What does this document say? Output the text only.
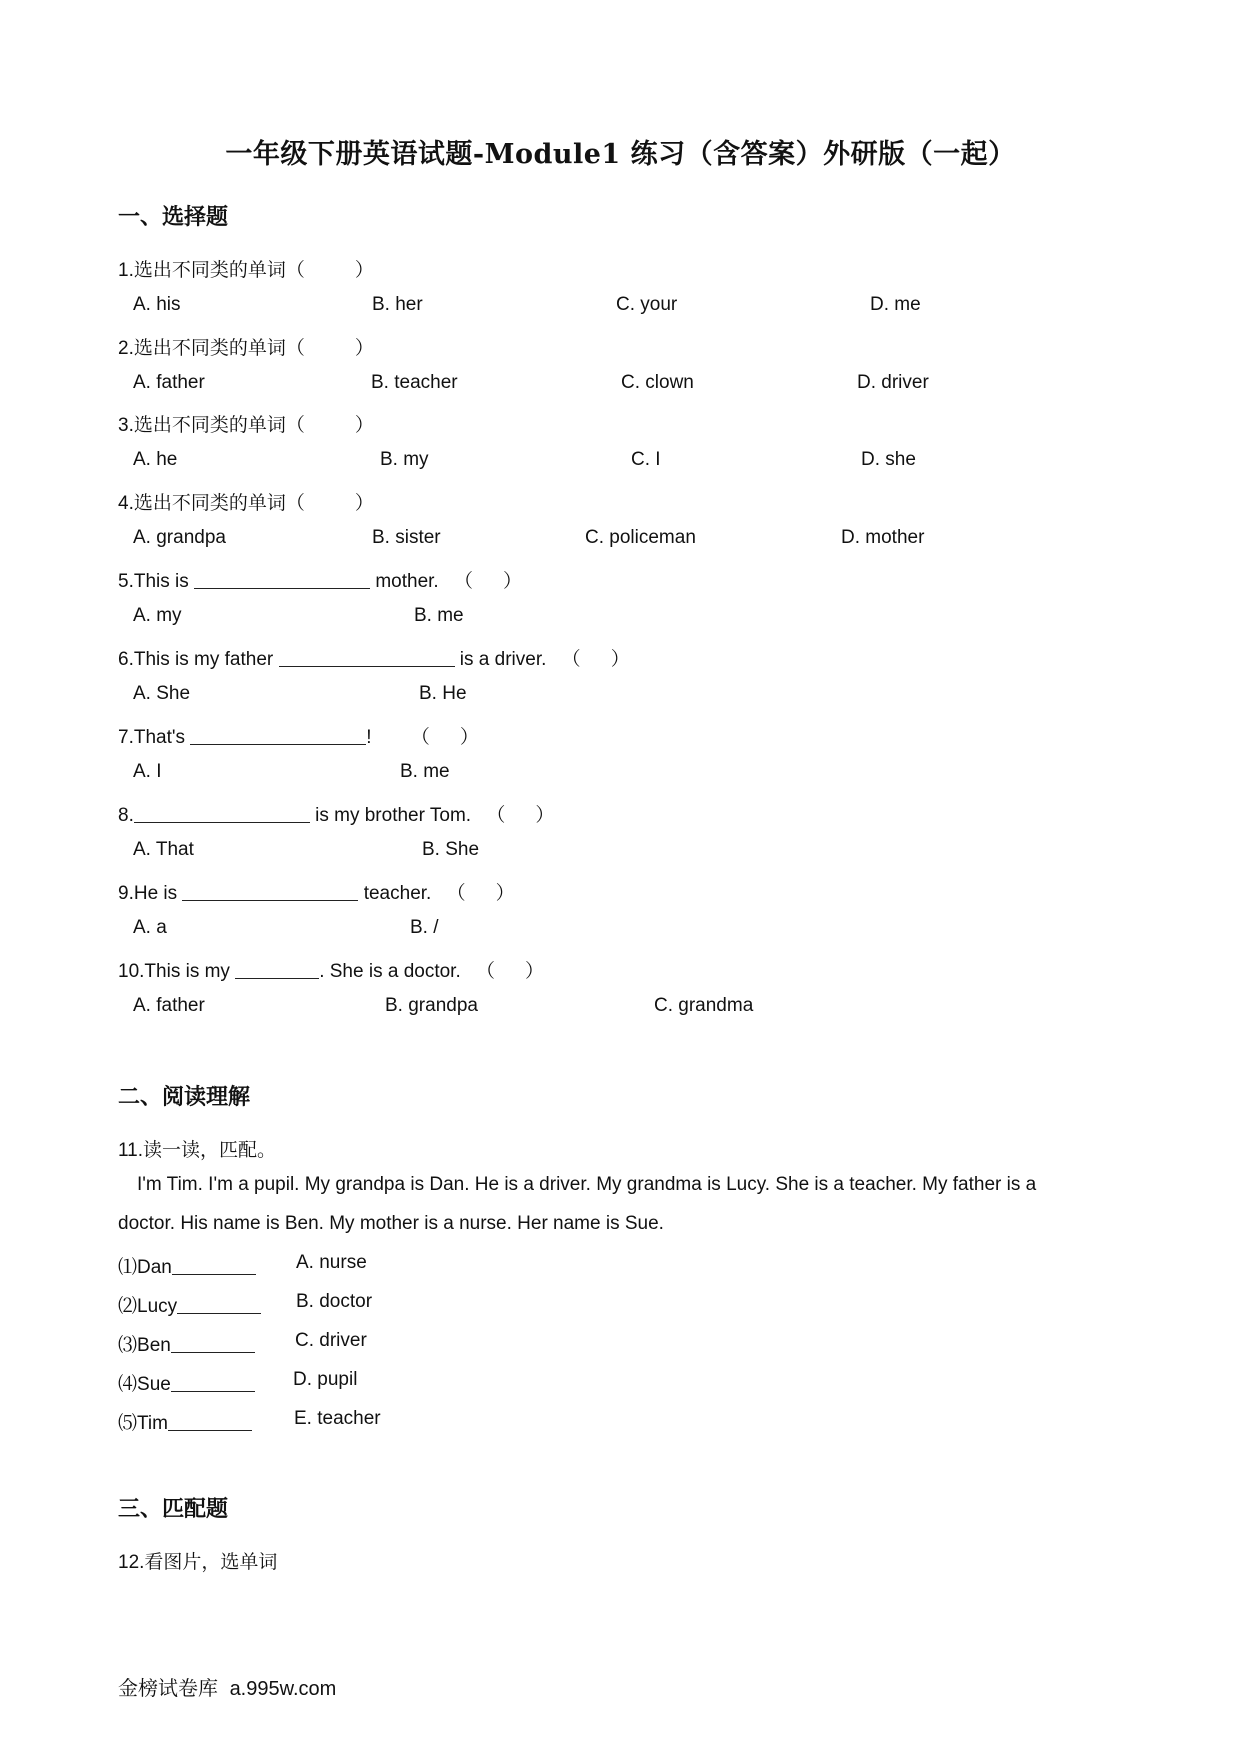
一年级下册英语试题-Module1 练习（含答案）外研版（一起）
一、选择题
1.选出不同类的单词（	）
A. his	B. her	C. your	D. me
2.选出不同类的单词（	）
A. father	B. teacher	C. clown	D. driver
3.选出不同类的单词（	）
A. he	B. my	C. I	D. she
4.选出不同类的单词（	）
A. grandpa	B. sister	C. policeman	D. mother
5.This is	mother. （ ）
A. my	B. me
6.This is my father	is a driver. （ ）
A. She	B. He
7.That's	! （ ）
A. I	B. me
8.	is my brother Tom. （ ）
A. That	B. She
9.He is	teacher. （ ）
A. a	B. /
10.This is my	. She is a doctor. （ ）
A. father	B. grandpa	C. grandma
二、阅读理解
11.读一读，匹配。
I'm Tim. I'm a pupil. My grandpa is Dan. He is a driver. My grandma is Lucy. She is a teacher. My father is a
doctor. His name is Ben. My mother is a nurse. Her name is Sue.
⑴Dan	A. nurse
⑵Lucy	B. doctor
⑶Ben	C. driver
⑷Sue	D. pupil
⑸Tim	E. teacher
三、匹配题
12.看图片，选单词
金榜试卷库 a.995w.com
